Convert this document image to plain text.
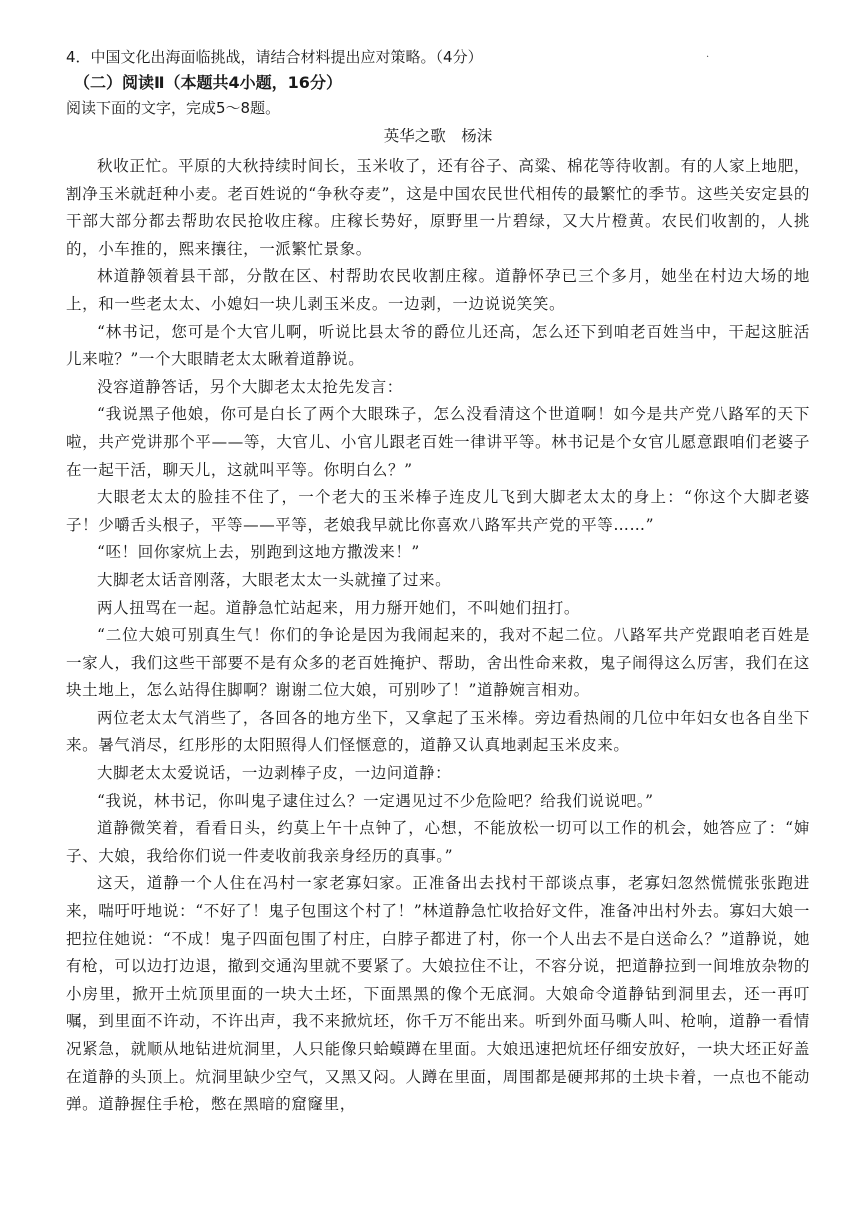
·

4．中国文化出海面临挑战，请结合材料提出应对策略。（4分）

（二）阅读Ⅱ（本题共4小题，16分）

阅读下面的文字，完成5～8题。

英华之歌　杨沫

秋收正忙。平原的大秋持续时间长，玉米收了，还有谷子、高粱、棉花等待收割。有的人家上地肥，割净玉米就赶种小麦。老百姓说的“争秋夺麦”，这是中国农民世代相传的最繁忙的季节。这些关安定县的干部大部分都去帮助农民抢收庄稼。庄稼长势好，原野里一片碧绿，又大片橙黄。农民们收割的，人挑的，小车推的，熙来攘往，一派繁忙景象。

林道静领着县干部，分散在区、村帮助农民收割庄稼。道静怀孕已三个多月，她坐在村边大场的地上，和一些老太太、小媳妇一块儿剥玉米皮。一边剥，一边说说笑笑。

“林书记，您可是个大官儿啊，听说比县太爷的爵位儿还高，怎么还下到咱老百姓当中，干起这脏活儿来啦？”一个大眼睛老太太瞅着道静说。

没容道静答话，另个大脚老太太抢先发言：

“我说黑子他娘，你可是白长了两个大眼珠子，怎么没看清这个世道啊！如今是共产党八路军的天下啦，共产党讲那个平——等，大官儿、小官儿跟老百姓一律讲平等。林书记是个女官儿愿意跟咱们老婆子在一起干活，聊天儿，这就叫平等。你明白么？”

大眼老太太的脸挂不住了，一个老大的玉米棒子连皮儿飞到大脚老太太的身上：“你这个大脚老婆子！少嚼舌头根子，平等——平等，老娘我早就比你喜欢八路军共产党的平等……”

“呸！回你家炕上去，别跑到这地方撒泼来！”

大脚老太话音刚落，大眼老太太一头就撞了过来。

两人扭骂在一起。道静急忙站起来，用力掰开她们，不叫她们扭打。

“二位大娘可别真生气！你们的争论是因为我闹起来的，我对不起二位。八路军共产党跟咱老百姓是一家人，我们这些干部要不是有众多的老百姓掩护、帮助，舍出性命来救，鬼子闹得这么厉害，我们在这块土地上，怎么站得住脚啊？谢谢二位大娘，可别吵了！”道静婉言相劝。

两位老太太气消些了，各回各的地方坐下，又拿起了玉米棒。旁边看热闹的几位中年妇女也各自坐下来。暑气消尽，红彤彤的太阳照得人们怪惬意的，道静又认真地剥起玉米皮来。

大脚老太太爱说话，一边剥棒子皮，一边问道静：

“我说，林书记，你叫鬼子逮住过么？一定遇见过不少危险吧？给我们说说吧。”

道静微笑着，看看日头，约莫上午十点钟了，心想，不能放松一切可以工作的机会，她答应了：“婶子、大娘，我给你们说一件麦收前我亲身经历的真事。”

这天，道静一个人住在冯村一家老寡妇家。正准备出去找村干部谈点事，老寡妇忽然慌慌张张跑进来，喘吁吁地说：“不好了！鬼子包围这个村了！”林道静急忙收拾好文件，准备冲出村外去。寡妇大娘一把拉住她说：“不成！鬼子四面包围了村庄，白脖子都进了村，你一个人出去不是白送命么？”道静说，她有枪，可以边打边退，撤到交通沟里就不要紧了。大娘拉住不让，不容分说，把道静拉到一间堆放杂物的小房里，掀开土炕顶里面的一块大土坯，下面黑黑的像个无底洞。大娘命令道静钻到洞里去，还一再叮嘱，到里面不许动，不许出声，我不来掀炕坯，你千万不能出来。听到外面马嘶人叫、枪响，道静一看情况紧急，就顺从地钻进炕洞里，人只能像只蛤蟆蹲在里面。大娘迅速把炕坯仔细安放好，一块大坯正好盖在道静的头顶上。炕洞里缺少空气，又黑又闷。人蹲在里面，周围都是硬邦邦的土块卡着，一点也不能动弹。道静握住手枪，憋在黑暗的窟窿里，
